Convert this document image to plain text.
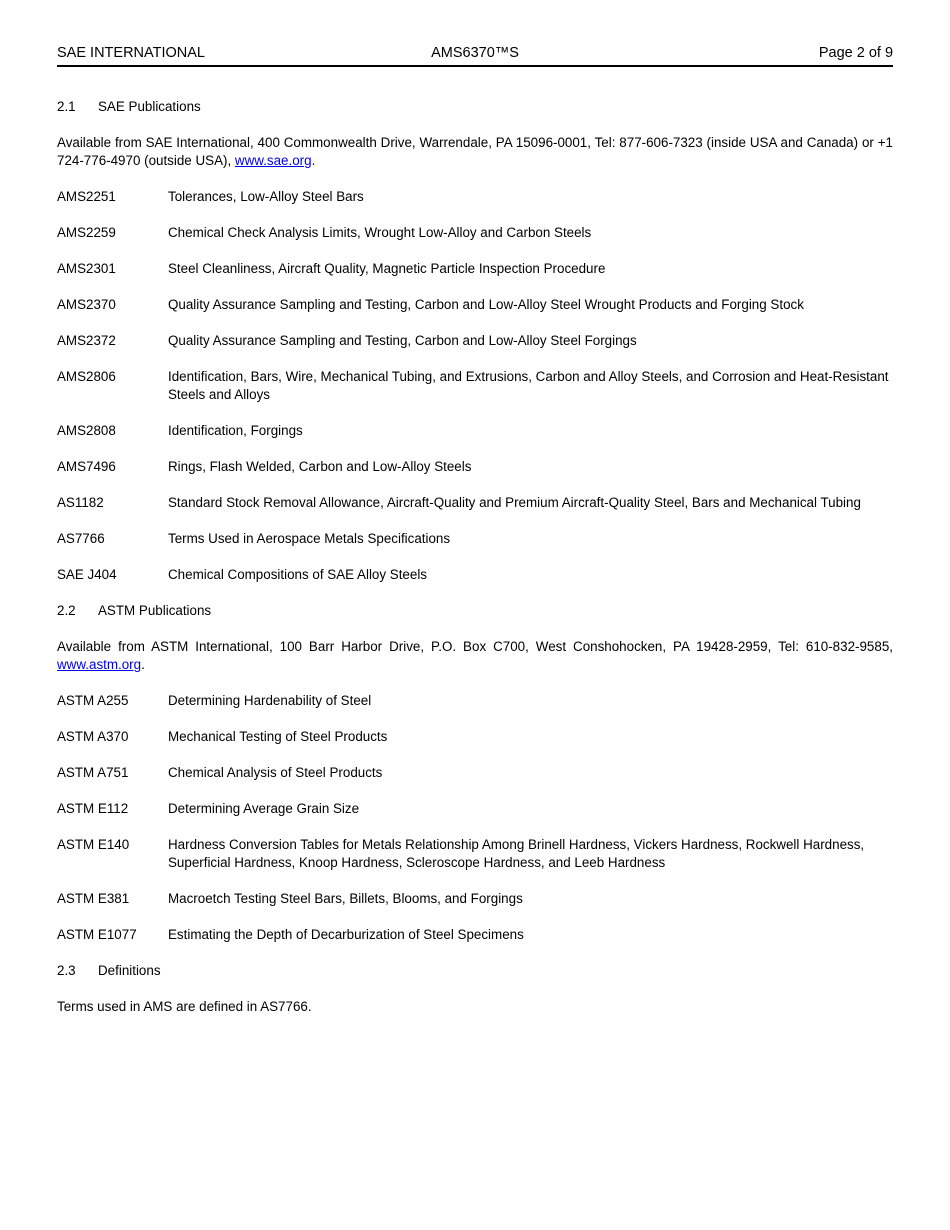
SAE INTERNATIONAL	AMS6370™S	Page 2 of 9
2.1	SAE Publications

Available from SAE International, 400 Commonwealth Drive, Warrendale, PA 15096-0001, Tel: 877-606-7323 (inside USA and Canada) or +1 724-776-4970 (outside USA), www.sae.org.

AMS2251	Tolerances, Low-Alloy Steel Bars
AMS2259	Chemical Check Analysis Limits, Wrought Low-Alloy and Carbon Steels
AMS2301	Steel Cleanliness, Aircraft Quality, Magnetic Particle Inspection Procedure
AMS2370	Quality Assurance Sampling and Testing, Carbon and Low-Alloy Steel Wrought Products and Forging Stock
AMS2372	Quality Assurance Sampling and Testing, Carbon and Low-Alloy Steel Forgings
AMS2806	Identification, Bars, Wire, Mechanical Tubing, and Extrusions, Carbon and Alloy Steels, and Corrosion and Heat-Resistant Steels and Alloys
AMS2808	Identification, Forgings
AMS7496	Rings, Flash Welded, Carbon and Low-Alloy Steels
AS1182	Standard Stock Removal Allowance, Aircraft-Quality and Premium Aircraft-Quality Steel, Bars and Mechanical Tubing
AS7766	Terms Used in Aerospace Metals Specifications
SAE J404	Chemical Compositions of SAE Alloy Steels
2.2	ASTM Publications

Available from ASTM International, 100 Barr Harbor Drive, P.O. Box C700, West Conshohocken, PA 19428-2959, Tel: 610-832-9585, www.astm.org.

ASTM A255	Determining Hardenability of Steel
ASTM A370	Mechanical Testing of Steel Products
ASTM A751	Chemical Analysis of Steel Products
ASTM E112	Determining Average Grain Size
ASTM E140	Hardness Conversion Tables for Metals Relationship Among Brinell Hardness, Vickers Hardness, Rockwell Hardness, Superficial Hardness, Knoop Hardness, Scleroscope Hardness, and Leeb Hardness
ASTM E381	Macroetch Testing Steel Bars, Billets, Blooms, and Forgings
ASTM E1077	Estimating the Depth of Decarburization of Steel Specimens
2.3	Definitions

Terms used in AMS are defined in AS7766.
